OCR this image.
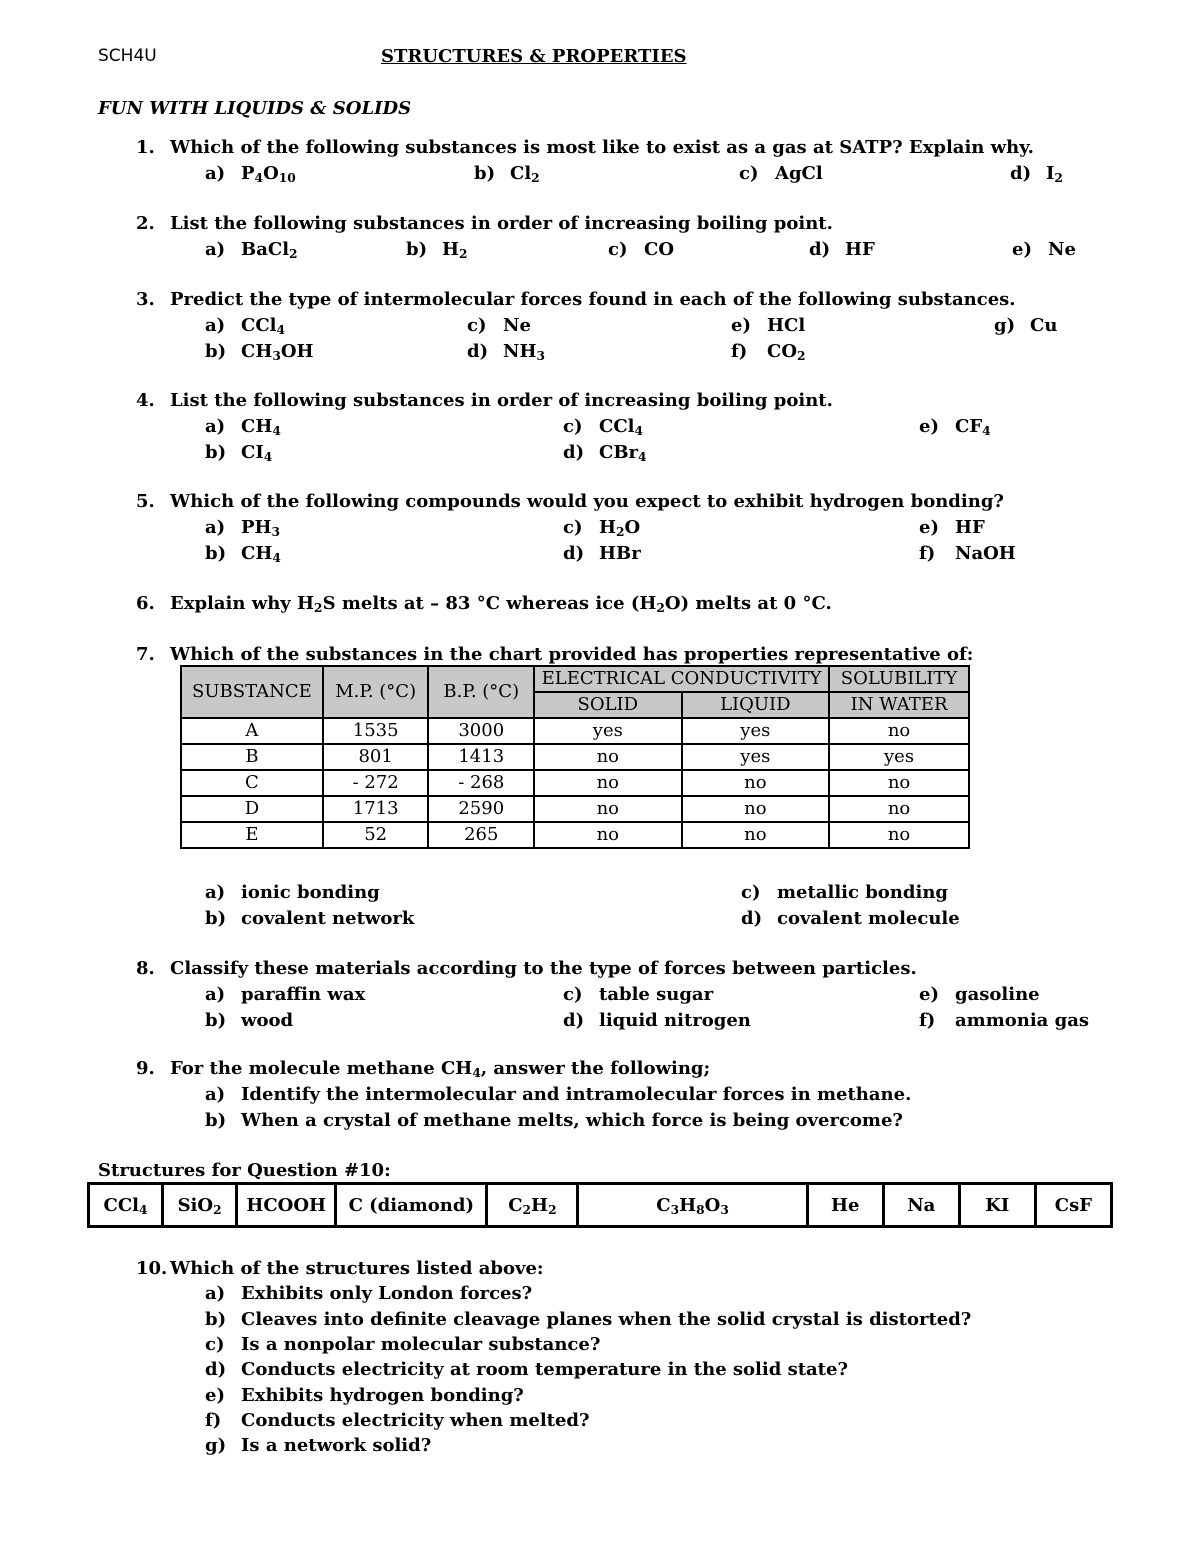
SCH4U	STRUCTURES & PROPERTIES
FUN WITH LIQUIDS & SOLIDS
1. Which of the following substances is most like to exist as a gas at SATP? Explain why.
a) $P_4O_{10}$	b) $Cl_2$	c) AgCl	d) $I_2$
2. List the following substances in order of increasing boiling point.
a) BaCl$_2$	b) $H_2$	c) CO	d) HF	e) Ne
3. Predict the type of intermolecular forces found in each of the following substances.
a) CCl$_4$	c) Ne	e) HCl	g) Cu
b) $CH_3OH$	d) $NH_3$	f) $CO_2$
4. List the following substances in order of increasing boiling point.
a) $CH_4$	c) CCl$_4$	e) $CF_4$
b) $CI_4$	d) CBr$_4$
5. Which of the following compounds would you expect to exhibit hydrogen bonding?
a) $PH_3$	c) $H_2O$	e) HF
b) $CH_4$	d) HBr	f) NaOH
6. Explain why $H_2S$ melts at – 83 °C whereas ice $(H_2O)$ melts at 0 °C.
7. Which of the substances in the chart provided has properties representative of:
SUBSTANCE	M.P. (°C)	B.P. (°C)	ELECTRICAL CONDUCTIVITY		SOLUBILITY
			SOLID	LIQUID	IN WATER
A	1535	3000	yes	yes	no
B	801	1413	no	yes	yes
C	- 272	- 268	no	no	no
D	1713	2590	no	no	no
E	52	265	no	no	no
a) ionic bonding	c) metallic bonding
b) covalent network	d) covalent molecule
8. Classify these materials according to the type of forces between particles.
a) paraffin wax	c) table sugar	e) gasoline
b) wood	d) liquid nitrogen	f) ammonia gas
9. For the molecule methane $CH_4$, answer the following;
a) Identify the intermolecular and intramolecular forces in methane.
b) When a crystal of methane melts, which force is being overcome?
Structures for Question #10:
CCl$_4$	SiO$_2$	HCOOH	C (diamond)	$C_2H_2$	$C_3H_8O_3$	He	Na	KI	CsF
10. Which of the structures listed above:
a) Exhibits only London forces?
b) Cleaves into definite cleavage planes when the solid crystal is distorted?
c) Is a nonpolar molecular substance?
d) Conducts electricity at room temperature in the solid state?
e) Exhibits hydrogen bonding?
f) Conducts electricity when melted?
g) Is a network solid?
